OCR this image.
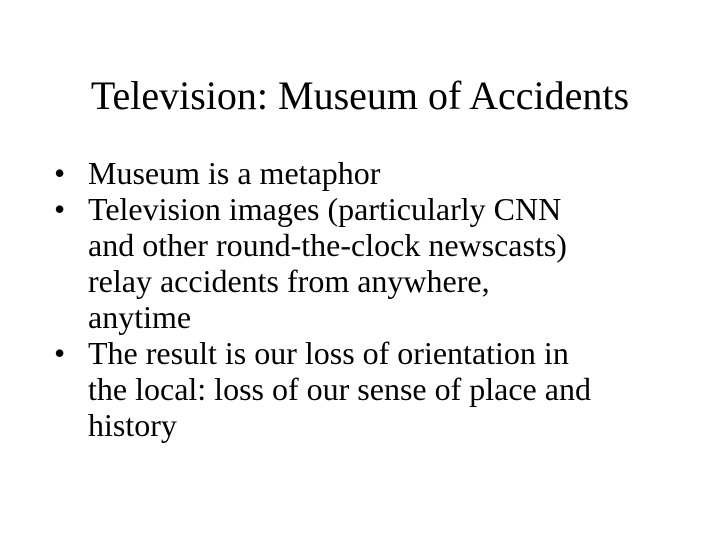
Television: Museum of Accidents
• Museum is a metaphor
• Television images (particularly CNN
and other round-the-clock newscasts)
relay accidents from anywhere,
anytime
• The result is our loss of orientation in
the local: loss of our sense of place and
history
